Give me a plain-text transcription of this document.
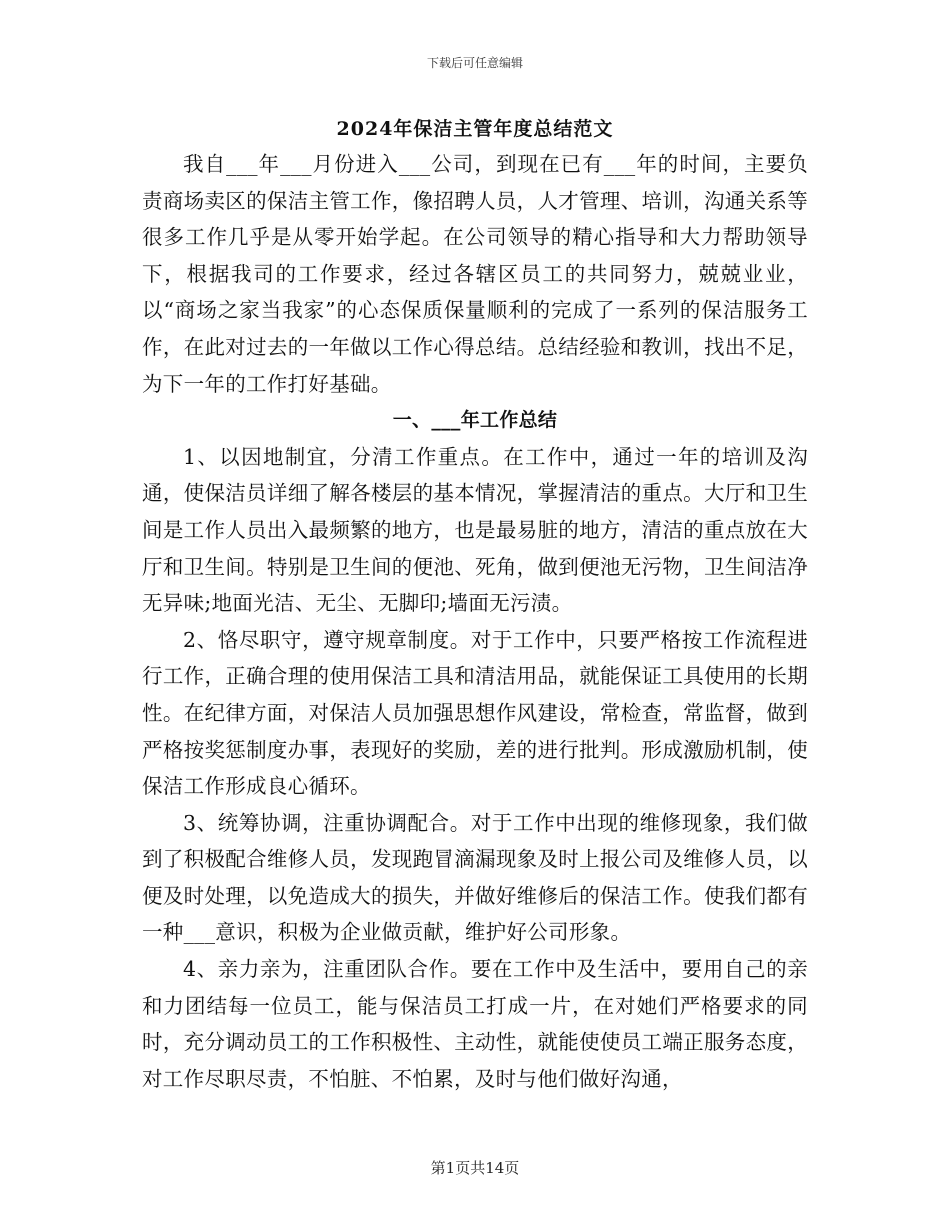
下载后可任意编辑
2024年保洁主管年度总结范文

我自___年___月份进入___公司，到现在已有___年的时间，主要负责商场卖区的保洁主管工作，像招聘人员，人才管理、培训，沟通关系等很多工作几乎是从零开始学起。在公司领导的精心指导和大力帮助领导下，根据我司的工作要求，经过各辖区员工的共同努力，兢兢业业，以“商场之家当我家”的心态保质保量顺利的完成了一系列的保洁服务工作，在此对过去的一年做以工作心得总结。总结经验和教训，找出不足，为下一年的工作打好基础。

一、___年工作总结

1、以因地制宜，分清工作重点。在工作中，通过一年的培训及沟通，使保洁员详细了解各楼层的基本情况，掌握清洁的重点。大厅和卫生间是工作人员出入最频繁的地方，也是最易脏的地方，清洁的重点放在大厅和卫生间。特别是卫生间的便池、死角，做到便池无污物，卫生间洁净无异味;地面光洁、无尘、无脚印;墙面无污渍。

2、恪尽职守，遵守规章制度。对于工作中，只要严格按工作流程进行工作，正确合理的使用保洁工具和清洁用品，就能保证工具使用的长期性。在纪律方面，对保洁人员加强思想作风建设，常检查，常监督，做到严格按奖惩制度办事，表现好的奖励，差的进行批判。形成激励机制，使保洁工作形成良心循环。

3、统筹协调，注重协调配合。对于工作中出现的维修现象，我们做到了积极配合维修人员，发现跑冒滴漏现象及时上报公司及维修人员，以便及时处理，以免造成大的损失，并做好维修后的保洁工作。使我们都有一种___意识，积极为企业做贡献，维护好公司形象。

4、亲力亲为，注重团队合作。要在工作中及生活中，要用自己的亲和力团结每一位员工，能与保洁员工打成一片，在对她们严格要求的同时，充分调动员工的工作积极性、主动性，就能使使员工端正服务态度，对工作尽职尽责，不怕脏、不怕累，及时与他们做好沟通，

第1页共14页
